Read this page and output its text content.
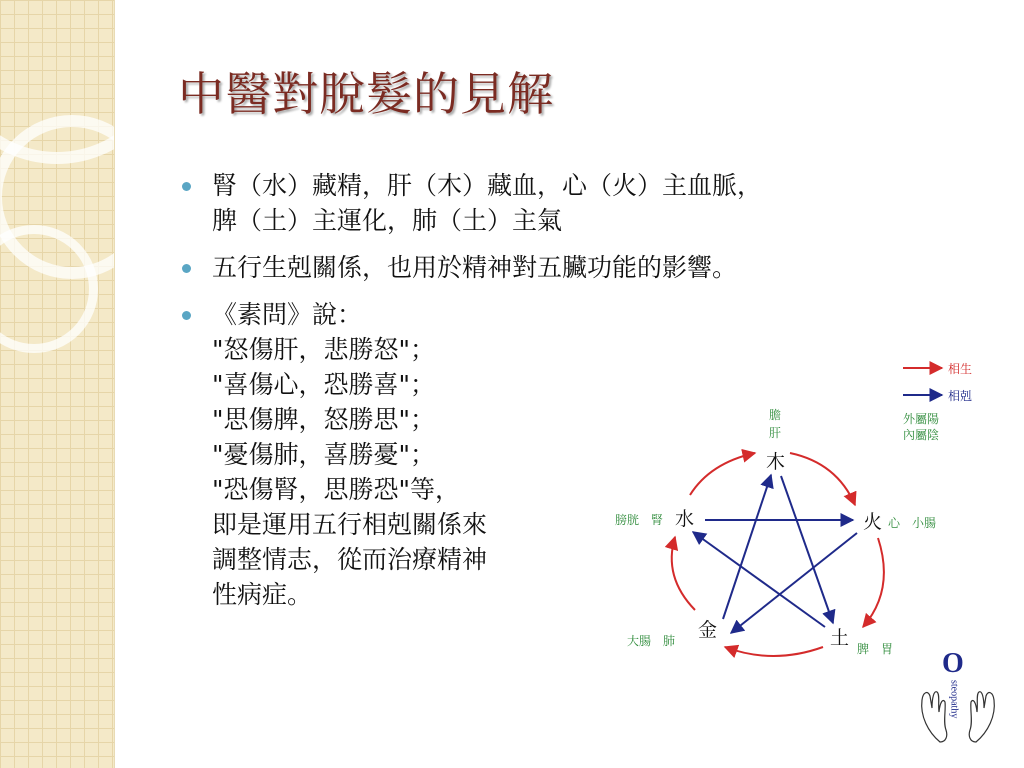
中醫對脫髮的見解
腎（水）藏精，肝（木）藏血，心（火）主血脈，
脾（土）主運化，肺（土）主氣
五行生剋關係，也用於精神對五臟功能的影響。
《素問》說：
"怒傷肝，悲勝怒"；
"喜傷心，恐勝喜"；
"思傷脾，怒勝思"；
"憂傷肺，喜勝憂"；
"恐傷腎，思勝恐"等，
即是運用五行相剋關係來
調整情志，從而治療精神
性病症。
相生
相剋
外屬陽
內屬陰
木
火
土
金
水
膽
肝
心　小腸
脾　胃
大腸　肺
膀胱　腎
O
steopathy
